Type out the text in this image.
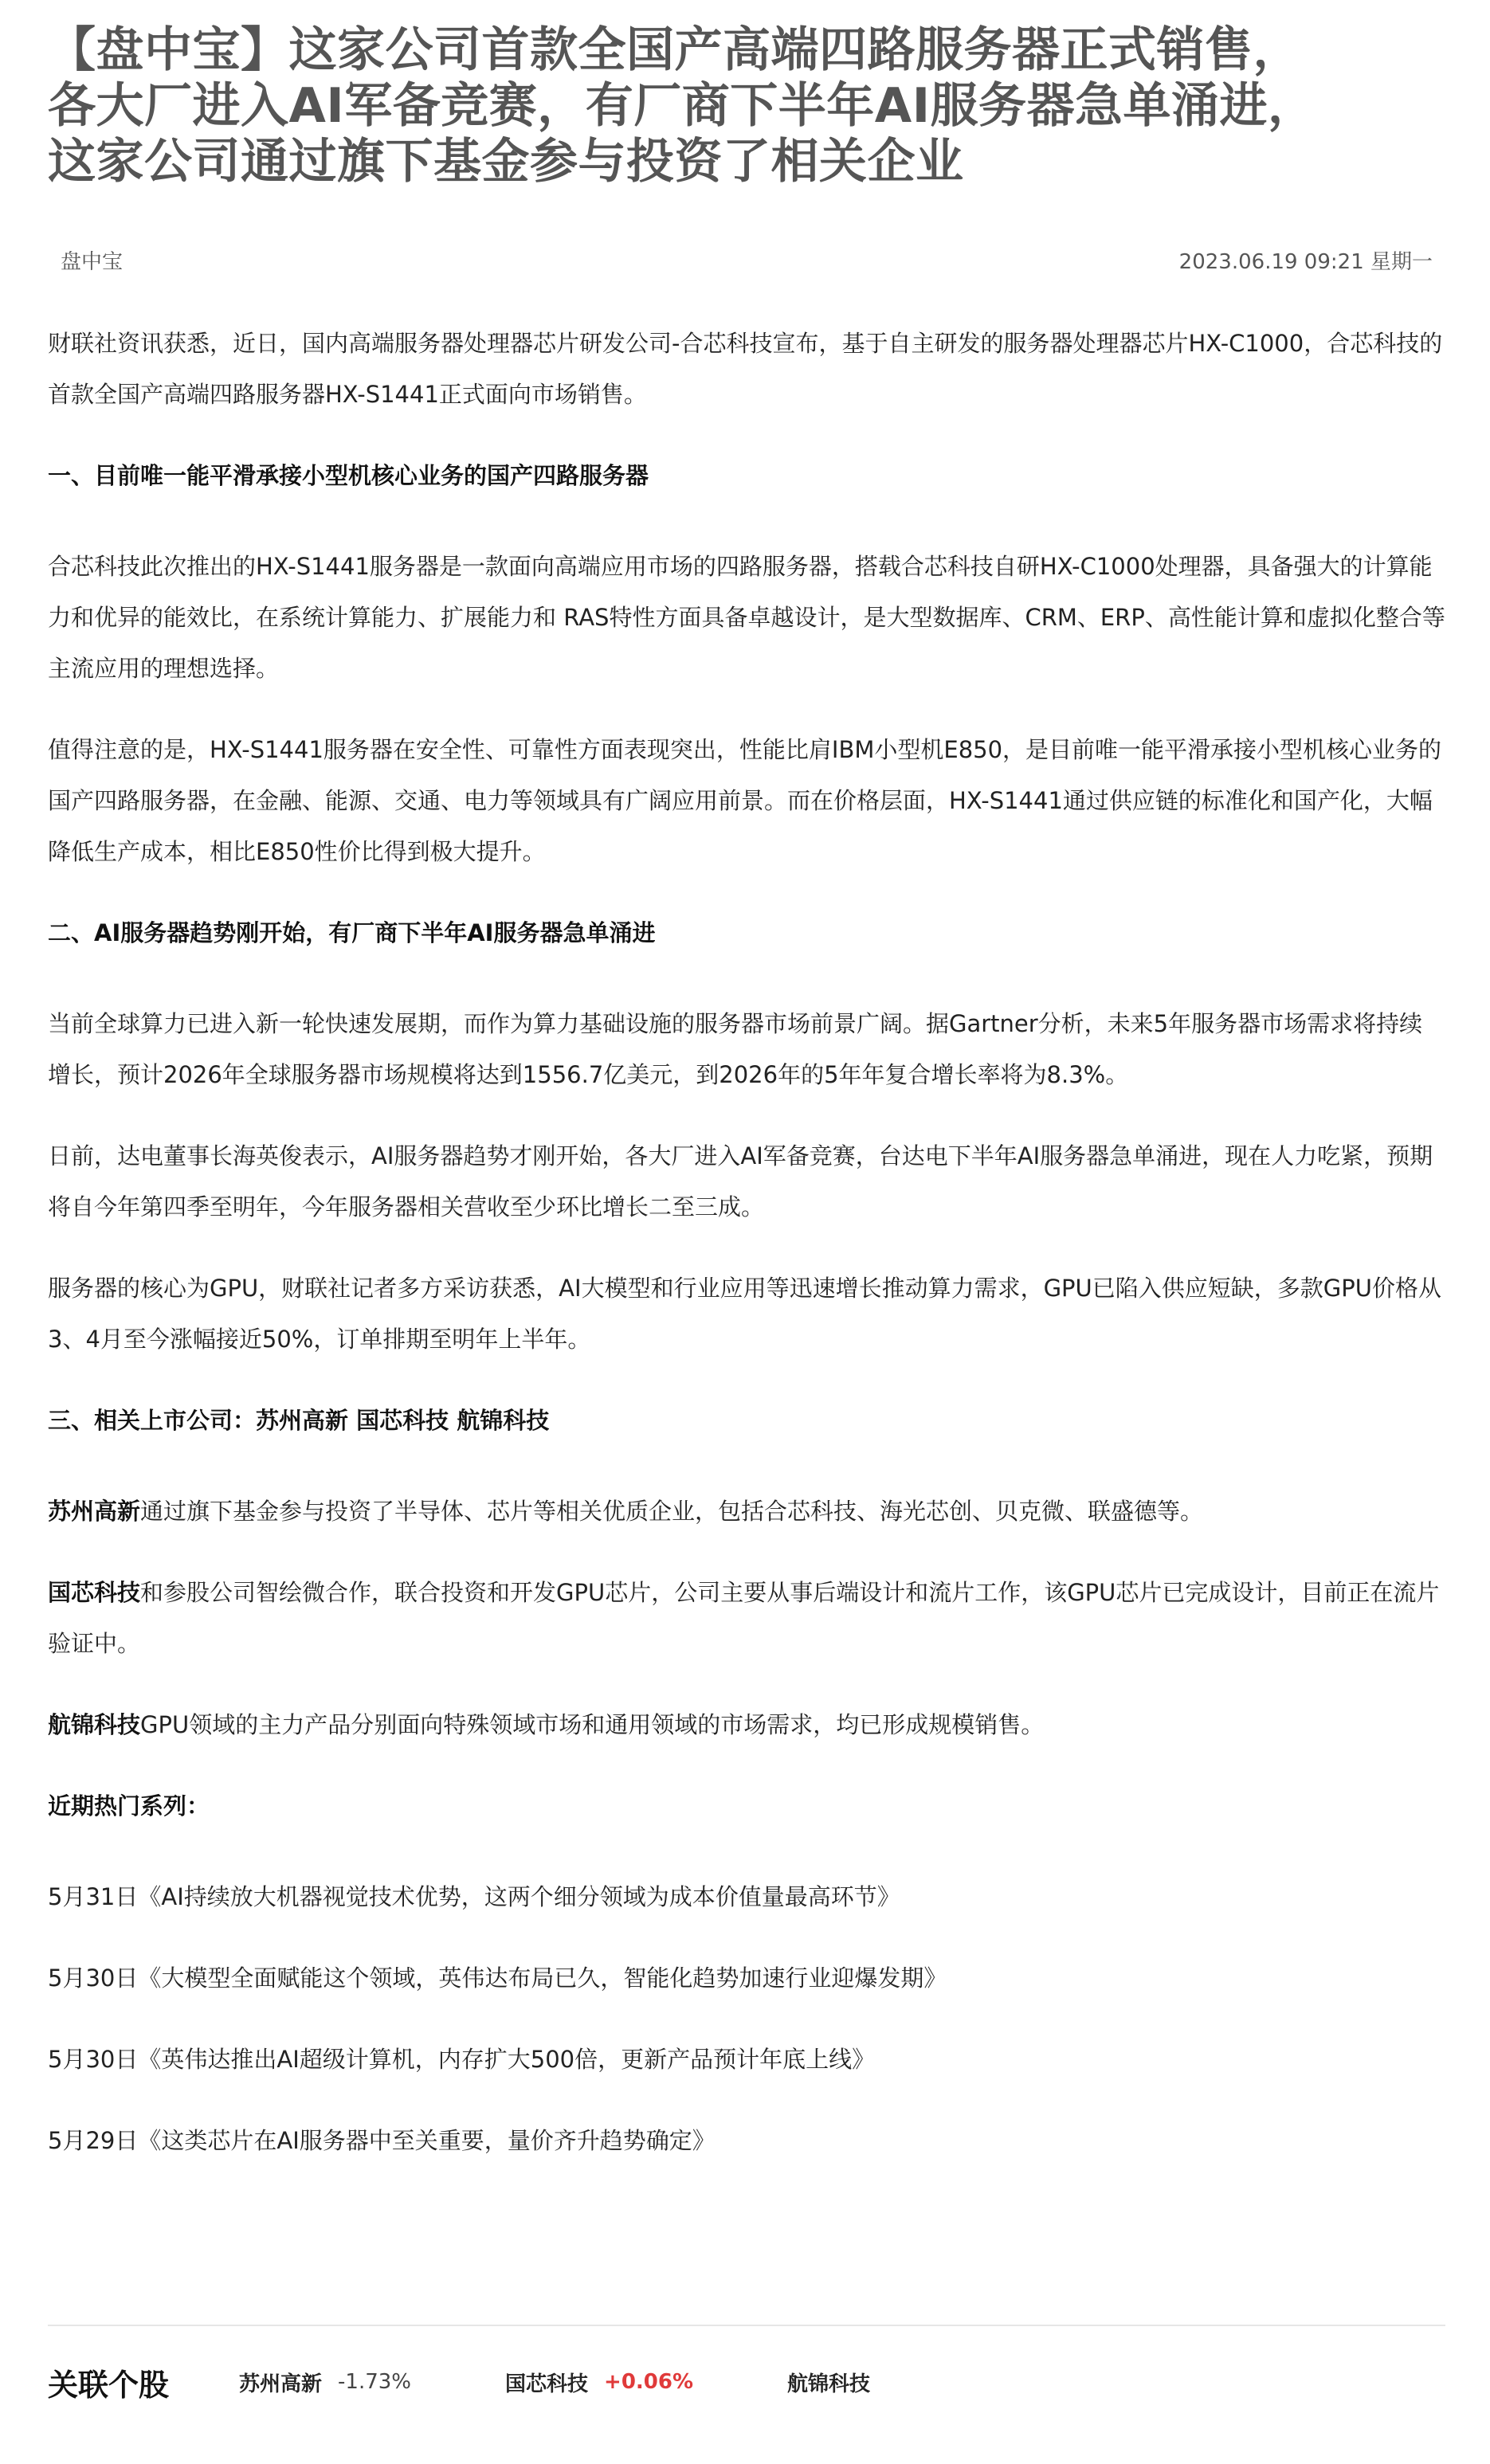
【盘中宝】这家公司首款全国产高端四路服务器正式销售，
各大厂进入AI军备竞赛，有厂商下半年AI服务器急单涌进，
这家公司通过旗下基金参与投资了相关企业
盘中宝	2023.06.19 09:21 星期一

财联社资讯获悉，近日，国内高端服务器处理器芯片研发公司-合芯科技宣布，基于自主研发的服务器处理器芯片HX-C1000，合芯科技的首款全国产高端四路服务器HX-S1441正式面向市场销售。

一、目前唯一能平滑承接小型机核心业务的国产四路服务器

合芯科技此次推出的HX-S1441服务器是一款面向高端应用市场的四路服务器，搭载合芯科技自研HX-C1000处理器，具备强大的计算能力和优异的能效比，在系统计算能力、扩展能力和 RAS特性方面具备卓越设计，是大型数据库、CRM、ERP、高性能计算和虚拟化整合等主流应用的理想选择。

值得注意的是，HX-S1441服务器在安全性、可靠性方面表现突出，性能比肩IBM小型机E850，是目前唯一能平滑承接小型机核心业务的国产四路服务器，在金融、能源、交通、电力等领域具有广阔应用前景。而在价格层面，HX-S1441通过供应链的标准化和国产化，大幅降低生产成本，相比E850性价比得到极大提升。

二、AI服务器趋势刚开始，有厂商下半年AI服务器急单涌进

当前全球算力已进入新一轮快速发展期，而作为算力基础设施的服务器市场前景广阔。据Gartner分析，未来5年服务器市场需求将持续增长，预计2026年全球服务器市场规模将达到1556.7亿美元，到2026年的5年年复合增长率将为8.3%。

日前，达电董事长海英俊表示，AI服务器趋势才刚开始，各大厂进入AI军备竞赛，台达电下半年AI服务器急单涌进，现在人力吃紧，预期将自今年第四季至明年，今年服务器相关营收至少环比增长二至三成。

服务器的核心为GPU，财联社记者多方采访获悉，AI大模型和行业应用等迅速增长推动算力需求，GPU已陷入供应短缺，多款GPU价格从3、4月至今涨幅接近50%，订单排期至明年上半年。

三、相关上市公司：苏州高新 国芯科技 航锦科技

苏州高新通过旗下基金参与投资了半导体、芯片等相关优质企业，包括合芯科技、海光芯创、贝克微、联盛德等。

国芯科技和参股公司智绘微合作，联合投资和开发GPU芯片，公司主要从事后端设计和流片工作，该GPU芯片已完成设计，目前正在流片验证中。

航锦科技GPU领域的主力产品分别面向特殊领域市场和通用领域的市场需求，均已形成规模销售。

近期热门系列：

5月31日《AI持续放大机器视觉技术优势，这两个细分领域为成本价值量最高环节》

5月30日《大模型全面赋能这个领域，英伟达布局已久，智能化趋势加速行业迎爆发期》

5月30日《英伟达推出AI超级计算机，内存扩大500倍，更新产品预计年底上线》

5月29日《这类芯片在AI服务器中至关重要，量价齐升趋势确定》

关联个股	苏州高新 -1.73%	国芯科技 +0.06%	航锦科技
